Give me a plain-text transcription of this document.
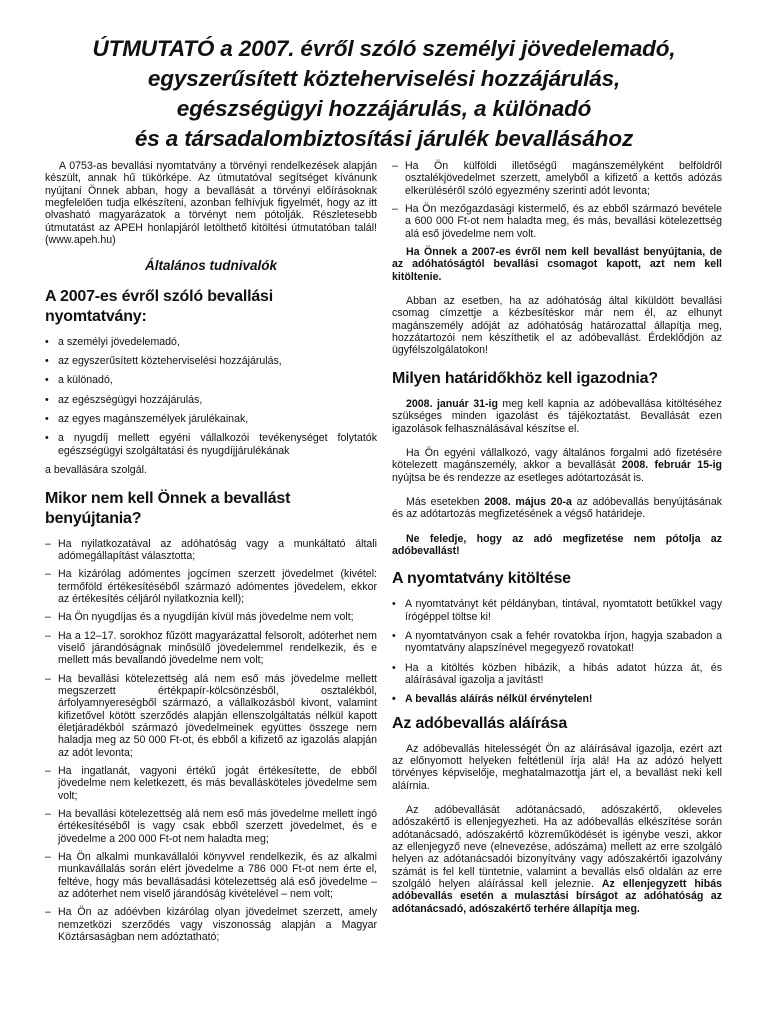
ÚTMUTATÓ a 2007. évről szóló személyi jövedelemadó,
egyszerűsített közteherviselési hozzájárulás,
egészségügyi hozzájárulás, a különadó
és a társadalombiztosítási járulék bevallásához

A 0753-as bevallási nyomtatvány a törvényi rendelkezések alapján készült, annak hű tükörképe. Az útmutatóval segítséget kívánunk nyújtani Önnek abban, hogy a bevallását a törvényi előírásoknak megfelelően tudja elkészíteni, azonban felhívjuk figyelmét, hogy az itt olvasható magyarázatok a törvényt nem pótolják. Részletesebb útmutatást az APEH honlapjáról letölthető kitöltési útmutatóban talál! (www.apeh.hu)

Általános tudnivalók
A 2007-es évről szóló bevallási nyomtatvány:
• a személyi jövedelemadó,
• az egyszerűsített közteherviselési hozzájárulás,
• a különadó,
• az egészségügyi hozzájárulás,
• az egyes magánszemélyek járulékainak,
• a nyugdíj mellett egyéni vállalkozói tevékenységet folytatók egészségügyi szolgáltatási és nyugdíjjárulékának

a bevallására szolgál.

Mikor nem kell Önnek a bevallást benyújtania?
– Ha nyilatkozatával az adóhatóság vagy a munkáltató általi adómegállapítást választotta;
– Ha kizárólag adómentes jogcímen szerzett jövedelmet (kivétel: termőföld értékesítéséből származó adómentes jövedelem, ekkor az értékesítés céljáról nyilatkoznia kell);
– Ha Ön nyugdíjas és a nyugdíján kívül más jövedelme nem volt;
– Ha a 12–17. sorokhoz fűzött magyarázattal felsorolt, adóterhet nem viselő járandóságnak minősülő jövedelemmel rendelkezik, és e mellett más bevallandó jövedelme nem volt;
– Ha bevallási kötelezettség alá nem eső más jövedelme mellett megszerzett értékpapír-kölcsönzésből, osztalékból, árfolyamnyereségből származó, a vállalkozásból kivont, valamint kifizetővel kötött szerződés alapján ellenszolgáltatás nélkül kapott életjáradékból származó jövedelmeinek együttes összege nem haladja meg az 50 000 Ft-ot, és ebből a kifizető az igazolás alapján az adót levonta;
– Ha ingatlanát, vagyoni értékű jogát értékesítette, de ebből jövedelme nem keletkezett, és más bevallásköteles jövedelme sem volt;
– Ha bevallási kötelezettség alá nem eső más jövedelme mellett ingó értékesítéséből is vagy csak ebből szerzett jövedelmet, és e jövedelme a 200 000 Ft-ot nem haladta meg;
– Ha Ön alkalmi munkavállalói könyvvel rendelkezik, és az alkalmi munkavállalás során elért jövedelme a 786 000 Ft-ot nem érte el, feltéve, hogy más bevallásadási kötelezettség alá eső jövedelme – az adóterhet nem viselő járandóság kivételével – nem volt;
– Ha Ön az adóévben kizárólag olyan jövedelmet szerzett, amely nemzetközi szerződés vagy viszonosság alapján a Magyar Köztársaságban nem adóztatható;
– Ha Ön külföldi illetőségű magánszemélyként belföldről osztalékjövedelmet szerzett, amelyből a kifizető a kettős adózás elkerüléséről szóló egyezmény szerinti adót levonta;
– Ha Ön mezőgazdasági kistermelő, és az ebből származó bevétele a 600 000 Ft-ot nem haladta meg, és más, bevallási kötelezettség alá eső jövedelme nem volt.

Ha Önnek a 2007-es évről nem kell bevallást benyújtania, de az adóhatóságtól bevallási csomagot kapott, azt nem kell kitöltenie.

Abban az esetben, ha az adóhatóság által kiküldött bevallási csomag címzettje a kézbesítéskor már nem él, az elhunyt magánszemély adóját az adóhatóság határozattal állapítja meg, hozzátartozói nem készíthetik el az adóbevallást. Érdeklődjön az ügyfélszolgálatokon!

Milyen határidőkhöz kell igazodnia?

2008. január 31-ig meg kell kapnia az adóbevallása kitöltéséhez szükséges minden igazolást és tájékoztatást. Bevallását ezen igazolások felhasználásával készítse el.

Ha Ön egyéni vállalkozó, vagy általános forgalmi adó fizetésére kötelezett magánszemély, akkor a bevallását 2008. február 15-ig nyújtsa be és rendezze az esetleges adótartozását is.

Más esetekben 2008. május 20-a az adóbevallás benyújtásának és az adótartozás megfizetésének a végső határideje.

Ne feledje, hogy az adó megfizetése nem pótolja az adóbevallást!

A nyomtatvány kitöltése
• A nyomtatványt két példányban, tintával, nyomtatott betűkkel vagy írógéppel töltse ki!
• A nyomtatványon csak a fehér rovatokba írjon, hagyja szabadon a nyomtatvány alapszínével megegyező rovatokat!
• Ha a kitöltés közben hibázik, a hibás adatot húzza át, és aláírásával igazolja a javítást!
• A bevallás aláírás nélkül érvénytelen!
Az adóbevallás aláírása

Az adóbevallás hitelességét Ön az aláírásával igazolja, ezért azt az előnyomott helyeken feltétlenül írja alá! Ha az adózó helyett törvényes képviselője, meghatalmazottja járt el, a bevallást neki kell aláírnia.

Az adóbevallását adótanácsadó, adószakértő, okleveles adószakértő is ellenjegyezheti. Ha az adóbevallás elkészítése során adótanácsadó, adószakértő közreműködését is igénybe veszi, akkor az ellenjegyző neve (elnevezése, adószáma) mellett az erre szolgáló helyen az adótanácsadói bizonyítvány vagy adószakértői igazolvány számát is fel kell tüntetnie, valamint a bevallás első oldalán az erre szolgáló helyen aláírással kell jeleznie. Az ellenjegyzett hibás adóbevallás esetén a mulasztási bírságot az adóhatóság az adótanácsadó, adószakértő terhére állapítja meg.
